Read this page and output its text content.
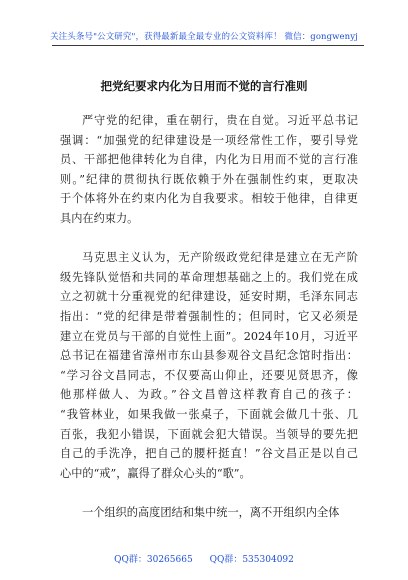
关注头条号"公文研究"，获得最新最全最专业的公文资料库！ 微信：gongwenyj
把党纪要求内化为日用而不觉的言行准则
严守党的纪律，重在朝行，贵在自觉。习近平总书记
强调：“加强党的纪律建设是一项经常性工作，要引导党
员、干部把他律转化为自律，内化为日用而不觉的言行准
则。”纪律的贯彻执行既依赖于外在强制性约束，更取决
于个体将外在约束内化为自我要求。相较于他律，自律更
具内在约束力。
马克思主义认为，无产阶级政党纪律是建立在无产阶
级先锋队觉悟和共同的革命理想基础之上的。我们党在成
立之初就十分重视党的纪律建设，延安时期，毛泽东同志
指出：“党的纪律是带着强制性的；但同时，它又必须是
建立在党员与干部的自觉性上面”。2024年10月，习近平
总书记在福建省漳州市东山县参观谷文昌纪念馆时指出：
“学习谷文昌同志，不仅要高山仰止，还要见贤思齐，像
他那样做人、为政。”谷文昌曾这样教育自己的孩子：
“我管林业，如果我做一张桌子，下面就会做几十张、几
百张，我犯小错误，下面就会犯大错误。当领导的要先把
自己的手洗净，把自己的腰杆挺直！”谷文昌正是以自己
心中的“戒”，赢得了群众心头的“歌”。
一个组织的高度团结和集中统一，离不开组织内全体
QQ群：30265665 QQ群：535304092
